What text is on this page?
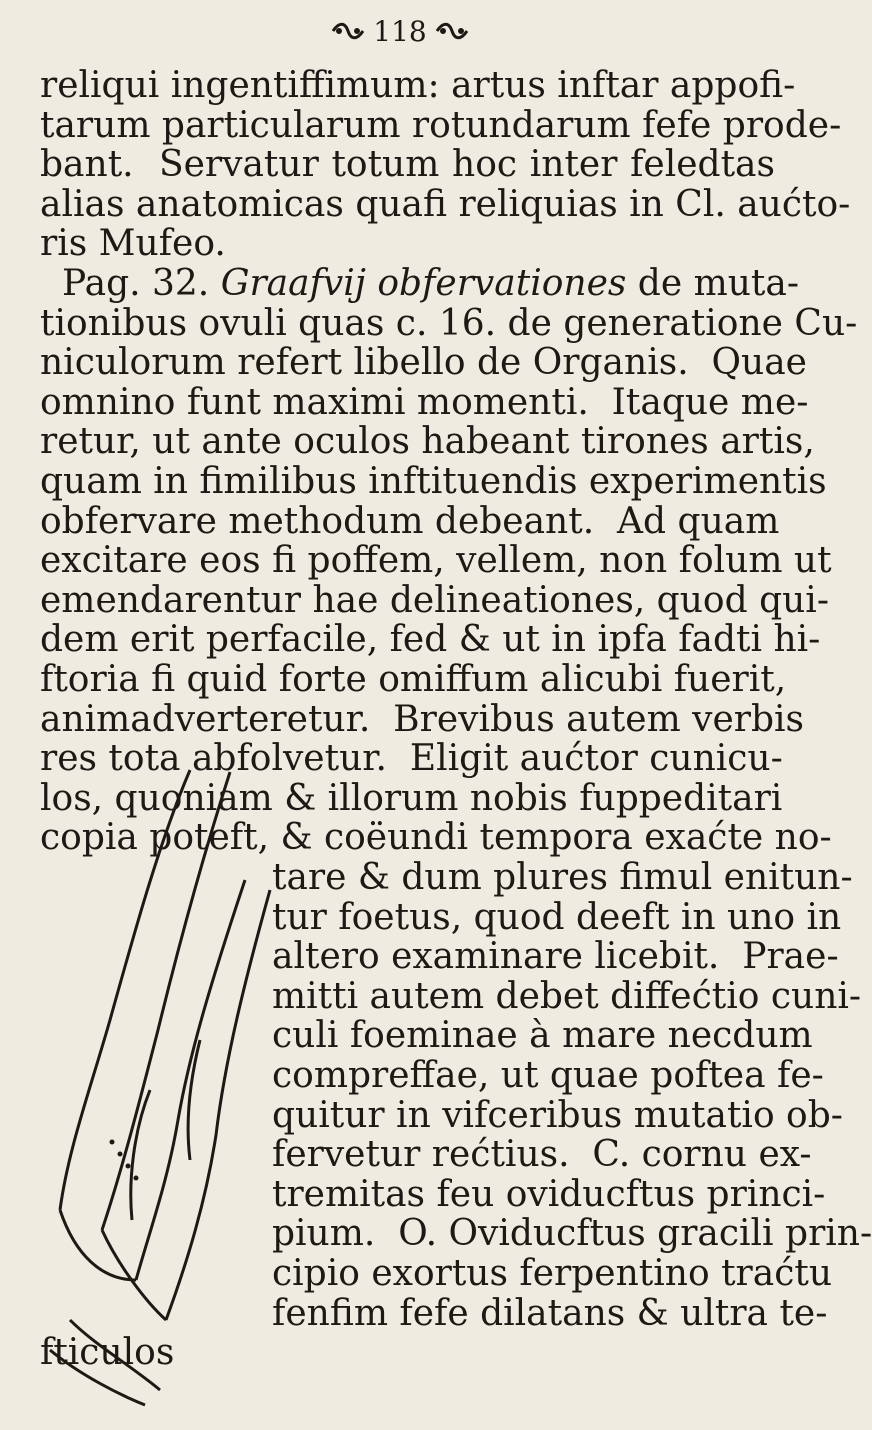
118
reliqui ingentiffimum: artus inftar appofi-
tarum particularum rotundarum fefe prode-
bant.  Servatur totum hoc inter feledtas
alias anatomicas quafi reliquias in Cl. aućto-
ris Mufeo.
Pag. 32. Graafvij obfervationes de muta-
tionibus ovuli quas c. 16. de generatione Cu-
niculorum refert libello de Organis.  Quae
omnino funt maximi momenti.  Itaque me-
retur, ut ante oculos habeant tirones artis,
quam in fimilibus inftituendis experimentis
obfervare methodum debeant.  Ad quam
excitare eos fi poffem, vellem, non folum ut
emendarentur hae delineationes, quod qui-
dem erit perfacile, fed & ut in ipfa fadti hi-
ftoria fi quid forte omiffum alicubi fuerit,
animadverteretur.  Brevibus autem verbis
res tota abfolvetur.  Eligit aućtor cunicu-
los, quoniam & illorum nobis fuppeditari
copia poteft, & coëundi tempora exaćte no-
tare & dum plures fimul enitun-
tur foetus, quod deeft in uno in
altero examinare licebit.  Prae-
mitti autem debet diffećtio cuni-
culi foeminae à mare necdum
compreffae, ut quae poftea fe-
quitur in vifceribus mutatio ob-
fervetur rećtius.  C. cornu ex-
tremitas feu oviducftus princi-
pium.  O. Oviducftus gracili prin-
cipio exortus ferpentino traćtu
fenfim fefe dilatans & ultra te-
fticulos
